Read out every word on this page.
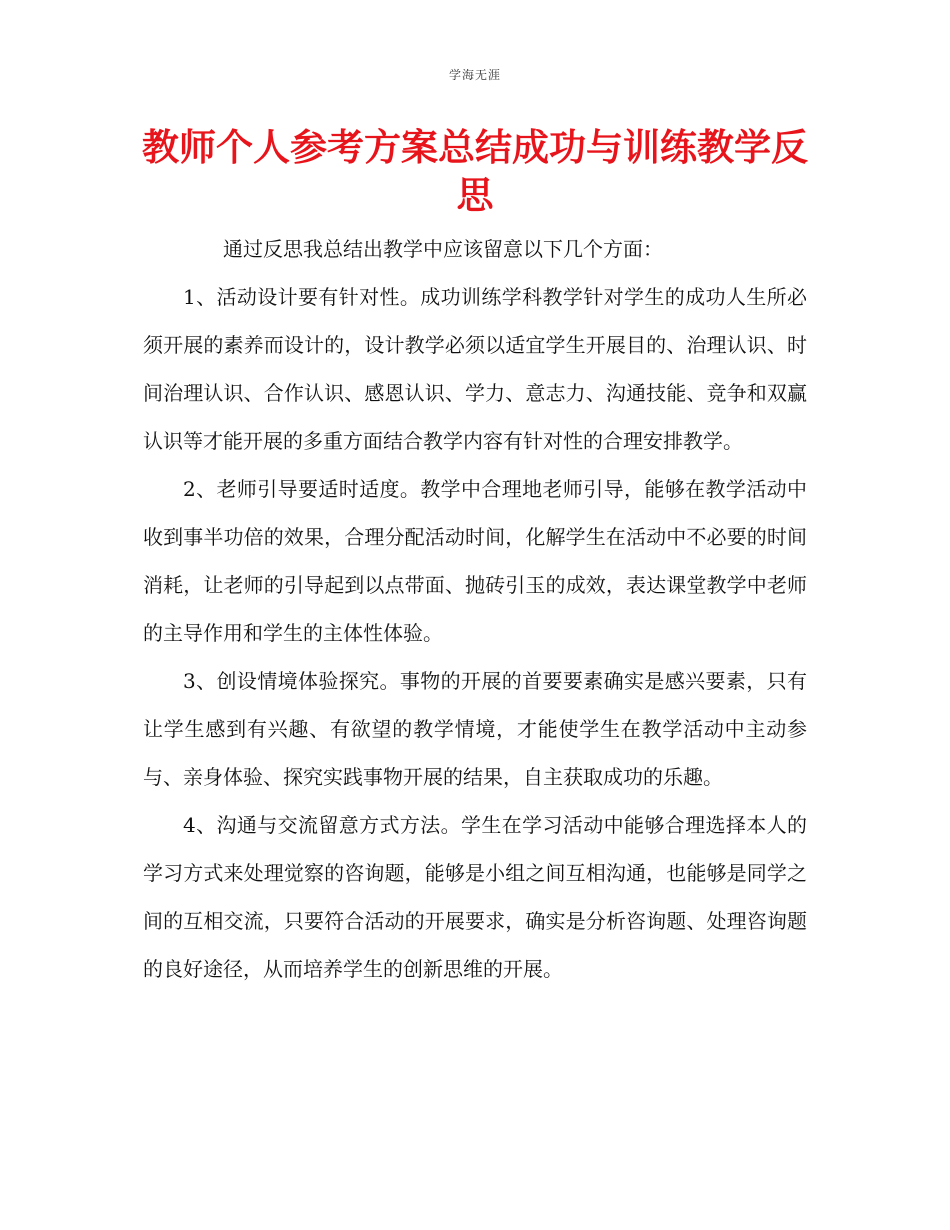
学海无涯
教师个人参考方案总结成功与训练教学反思

通过反思我总结出教学中应该留意以下几个方面：

1、活动设计要有针对性。成功训练学科教学针对学生的成功人生所必须开展的素养而设计的，设计教学必须以适宜学生开展目的、治理认识、时间治理认识、合作认识、感恩认识、学力、意志力、沟通技能、竞争和双赢认识等才能开展的多重方面结合教学内容有针对性的合理安排教学。

2、老师引导要适时适度。教学中合理地老师引导，能够在教学活动中收到事半功倍的效果，合理分配活动时间，化解学生在活动中不必要的时间消耗，让老师的引导起到以点带面、抛砖引玉的成效，表达课堂教学中老师的主导作用和学生的主体性体验。

3、创设情境体验探究。事物的开展的首要要素确实是感兴要素，只有让学生感到有兴趣、有欲望的教学情境，才能使学生在教学活动中主动参与、亲身体验、探究实践事物开展的结果，自主获取成功的乐趣。

4、沟通与交流留意方式方法。学生在学习活动中能够合理选择本人的学习方式来处理觉察的咨询题，能够是小组之间互相沟通，也能够是同学之间的互相交流，只要符合活动的开展要求，确实是分析咨询题、处理咨询题的良好途径，从而培养学生的创新思维的开展。
